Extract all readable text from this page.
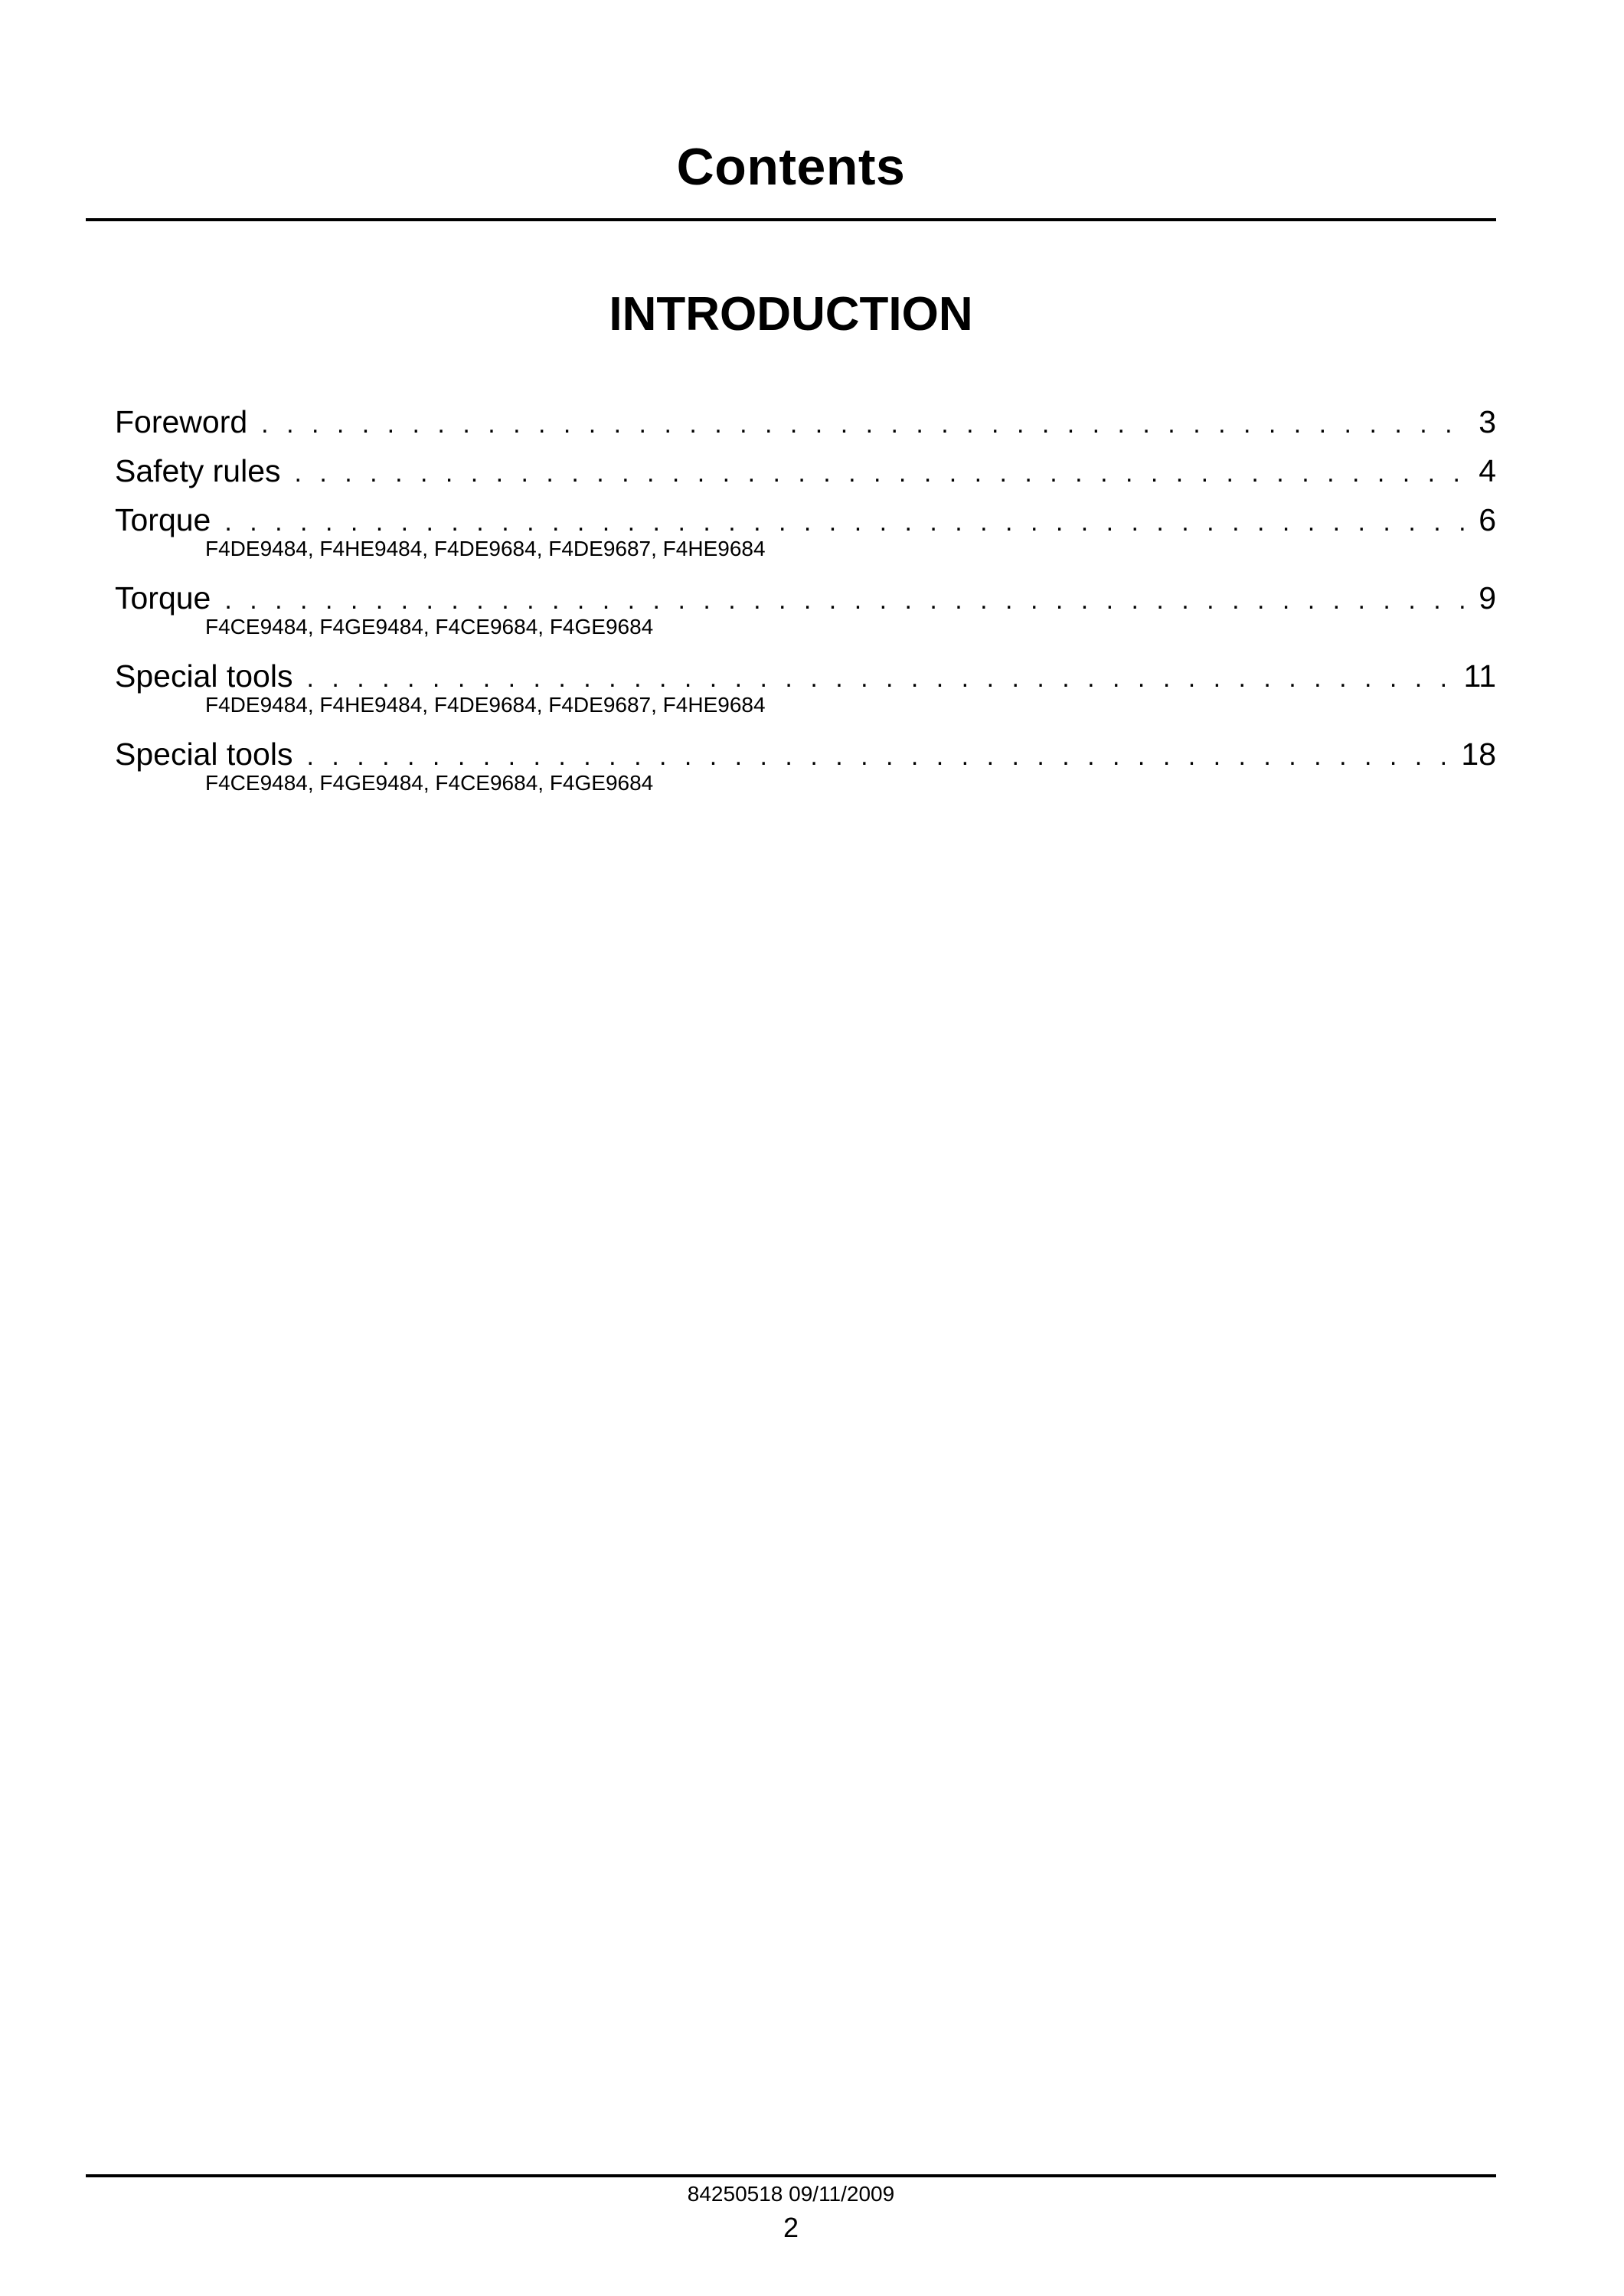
Contents
INTRODUCTION
Foreword . . .	3
Safety rules . . .	4
Torque . . .	6
F4DE9484, F4HE9484, F4DE9684, F4DE9687, F4HE9684
Torque . . .	9
F4CE9484, F4GE9484, F4CE9684, F4GE9684
Special tools . . .	11
F4DE9484, F4HE9484, F4DE9684, F4DE9687, F4HE9684
Special tools . . .	18
F4CE9484, F4GE9484, F4CE9684, F4GE9684
84250518 09/11/2009
2
